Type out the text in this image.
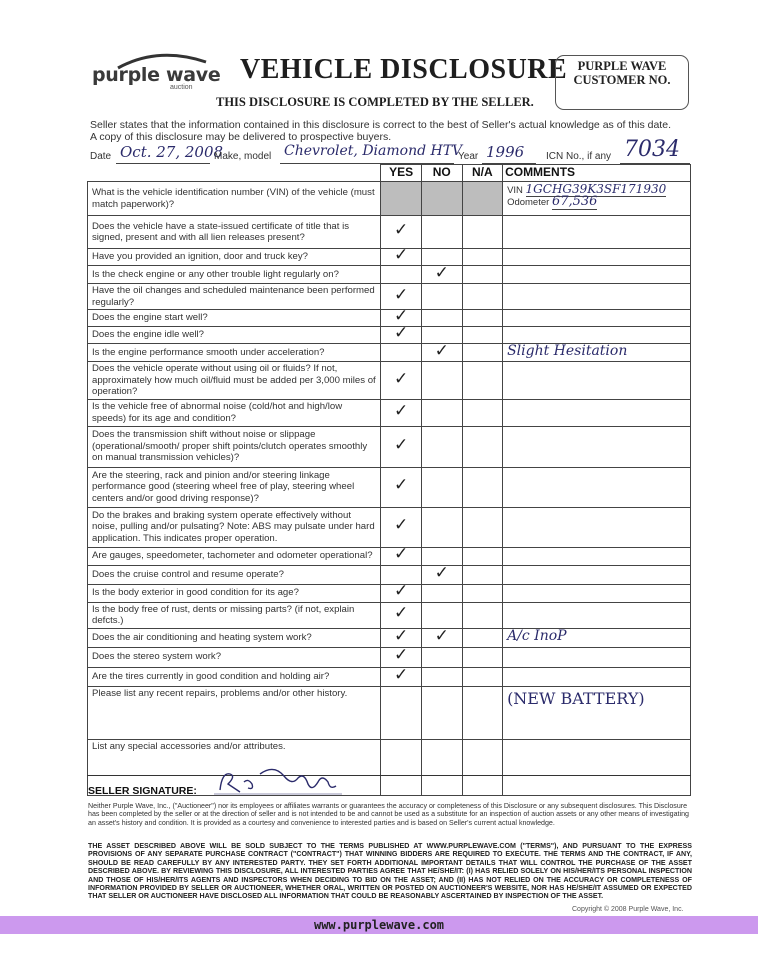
purple wave
auction
VEHICLE DISCLOSURE
THIS DISCLOSURE IS COMPLETED BY THE SELLER.
PURPLE WAVE
CUSTOMER NO.
Seller states that the information contained in this disclosure is correct to the best of Seller's actual knowledge as of this date.
A copy of this disclosure may be delivered to prospective buyers.
Date Oct. 27, 2008
Make, model Chevrolet, Diamond HTV
Year 1996 ICN No., if any 7034
	YES	NO	N/A	COMMENTS
What is the vehicle identification number (VIN) of the vehicle (must match paperwork)?				VIN 1GCHG39K3SF171930
Odometer 67,536

Does the vehicle have a state-issued certificate of title that is signed, present and with all lien releases present?	✓			
Have you provided an ignition, door and truck key?	✓			
Is the check engine or any other trouble light regularly on?		✓		
Have the oil changes and scheduled maintenance been performed regularly?	✓			
Does the engine start well?	✓			
Does the engine idle well?	✓			
Is the engine performance smooth under acceleration?		✓		Slight Hesitation
Does the vehicle operate without using oil or fluids? If not, approximately how much oil/fluid must be added per 3,000 miles of operation?	✓			
Is the vehicle free of abnormal noise (cold/hot and high/low speeds) for its age and condition?	✓			
Does the transmission shift without noise or slippage (operational/smooth/ proper shift points/clutch operates smoothly on manual transmission vehicles)?	✓			
Are the steering, rack and pinion and/or steering linkage performance good (steering wheel free of play, steering wheel centers and/or good driving response)?	✓			
Do the brakes and braking system operate effectively without noise, pulling and/or pulsating? Note: ABS may pulsate under hard application. This indicates proper operation.	✓			
Are gauges, speedometer, tachometer and odometer operational?	✓			
Does the cruise control and resume operate?		✓		
Is the body exterior in good condition for its age?	✓			
Is the body free of rust, dents or missing parts? (if not, explain defcts.)	✓			
Does the air conditioning and heating system work?	✓	✓		A/c InoP
Does the stereo system work?	✓			
Are the tires currently in good condition and holding air?	✓			
Please list any recent repairs, problems and/or other history.				(NEW BATTERY)
List any special accessories and/or attributes.				
SELLER SIGNATURE:
Neither Purple Wave, Inc., ("Auctioneer") nor its employees or affiliates warrants or guarantees the accuracy or completeness of this Disclosure or any subsequent disclosures. This Disclosure has been completed by the seller or at the direction of seller and is not intended to be and cannot be used as a substitute for an inspection of auction assets or any other means of investigating an asset's history and condition. It is provided as a courtesy and convenience to interested parties and is based on Seller's current actual knowledge.
THE ASSET DESCRIBED ABOVE WILL BE SOLD SUBJECT TO THE TERMS PUBLISHED AT WWW.PURPLEWAVE.COM ("TERMS"), AND PURSUANT TO THE EXPRESS PROVISIONS OF ANY SEPARATE PURCHASE CONTRACT ("CONTRACT") THAT WINNING BIDDERS ARE REQUIRED TO EXECUTE. THE TERMS AND THE CONTRACT, IF ANY, SHOULD BE READ CAREFULLY BY ANY INTERESTED PARTY. THEY SET FORTH ADDITIONAL IMPORTANT DETAILS THAT WILL CONTROL THE PURCHASE OF THE ASSET DESCRIBED ABOVE. BY REVIEWING THIS DISCLOSURE, ALL INTERESTED PARTIES AGREE THAT HE/SHE/IT: (I) HAS RELIED SOLELY ON HIS/HER/ITS PERSONAL INSPECTION AND THOSE OF HIS/HER/ITS AGENTS AND INSPECTORS WHEN DECIDING TO BID ON THE ASSET; AND (II) HAS NOT RELIED ON THE ACCURACY OR COMPLETENESS OF INFORMATION PROVIDED BY SELLER OR AUCTIONEER, WHETHER ORAL, WRITTEN OR POSTED ON AUCTIONEER'S WEBSITE, NOR HAS HE/SHE/IT ASSUMED OR EXPECTED THAT SELLER OR AUCTIONEER HAVE DISCLOSED ALL INFORMATION THAT COULD BE REASONABLY ASCERTAINED BY INSPECTION OF THE ASSET.
Copyright © 2008 Purple Wave, Inc.
www.purplewave.com
